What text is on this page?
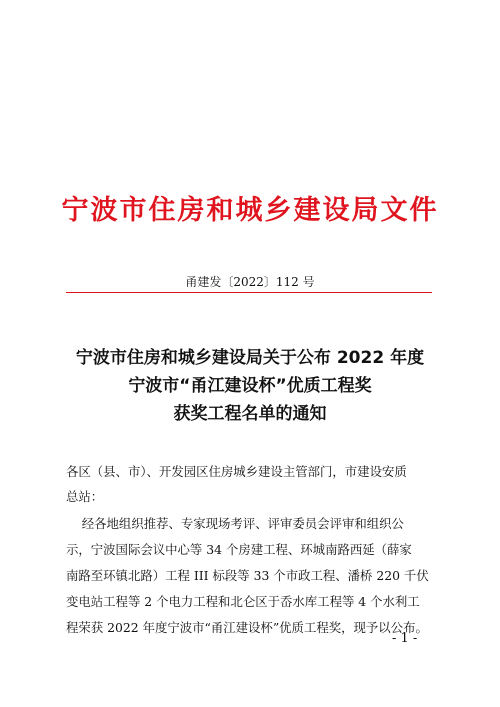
宁波市住房和城乡建设局文件
甬建发〔2022〕112 号
宁波市住房和城乡建设局关于公布 2022 年度
宁波市“甬江建设杯”优质工程奖
获奖工程名单的通知
各区（县、市）、开发园区住房城乡建设主管部门，市建设安质
总站：
经各地组织推荐、专家现场考评、评审委员会评审和组织公
示，宁波国际会议中心等 34 个房建工程、环城南路西延（薛家
南路至环镇北路）工程 III 标段等 33 个市政工程、潘桥 220 千伏
变电站工程等 2 个电力工程和北仑区于岙水库工程等 4 个水利工
程荣获 2022 年度宁波市“甬江建设杯”优质工程奖，现予以公布。
- 1 -
